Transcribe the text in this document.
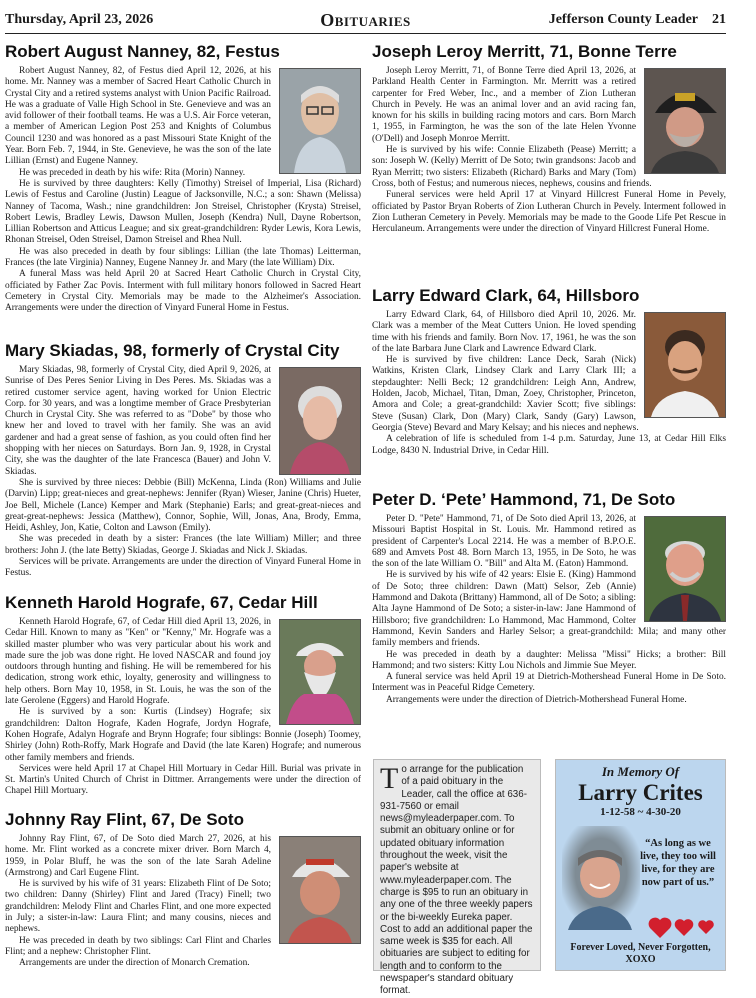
Thursday, April 23, 2026	Obituaries	Jefferson County Leader 21
Robert August Nanney, 82, Festus

Robert August Nanney, 82, of Festus died April 12, 2026, at his home. Mr. Nanney was a member of Sacred Heart Catholic Church in Crystal City and a retired systems analyst with Union Pacific Railroad. He was a graduate of Valle High School in Ste. Genevieve and was an avid follower of their football teams. He was a U.S. Air Force veteran, a member of American Legion Post 253 and Knights of Columbus Council 1230 and was honored as a past Missouri State Knight of the Year. Born Feb. 7, 1944, in Ste. Genevieve, he was the son of the late Lillian (Ernst) and Eugene Nanney.

He was preceded in death by his wife: Rita (Morin) Nanney.

He is survived by three daughters: Kelly (Timothy) Streisel of Imperial, Lisa (Richard) Lewis of Festus and Caroline (Justin) League of Jacksonville, N.C.; a son: Shawn (Melissa) Nanney of Tacoma, Wash.; nine grandchildren: Jon Streisel, Christopher (Krysta) Streisel, Robert Lewis, Bradley Lewis, Dawson Mullen, Joseph (Kendra) Null, Dayne Robertson, Lillian Robertson and Atticus League; and six great-grandchildren: Ryder Lewis, Kora Lewis, Rhonan Streisel, Oden Streisel, Damon Streisel and Rhea Null.

He was also preceded in death by four siblings: Lillian (the late Thomas) Leitterman, Frances (the late Virginia) Nanney, Eugene Nanney Jr. and Mary (the late William) Dix.

A funeral Mass was held April 20 at Sacred Heart Catholic Church in Crystal City, officiated by Father Zac Povis. Interment with full military honors followed in Sacred Heart Cemetery in Crystal City. Memorials may be made to the Alzheimer's Association. Arrangements were under the direction of Vinyard Funeral Home in Festus.

Mary Skiadas, 98, formerly of Crystal City

Mary Skiadas, 98, formerly of Crystal City, died April 9, 2026, at Sunrise of Des Peres Senior Living in Des Peres. Ms. Skiadas was a retired customer service agent, having worked for Union Electric Corp. for 30 years, and was a longtime member of Grace Presbyterian Church in Crystal City. She was referred to as "Dobe" by those who knew her and loved to travel with her family. She was an avid gardener and had a great sense of fashion, as you could often find her shopping with her nieces on Saturdays. Born Jan. 9, 1928, in Crystal City, she was the daughter of the late Francesca (Bauer) and John V. Skiadas.

She is survived by three nieces: Debbie (Bill) McKenna, Linda (Ron) Williams and Julie (Darvin) Lipp; great-nieces and great-nephews: Jennifer (Ryan) Wieser, Janine (Chris) Hueter, Joe Bell, Michele (Lance) Kemper and Mark (Stephanie) Earls; and great-great-nieces and great-great-nephews: Jessica (Matthew), Connor, Sophie, Will, Jonas, Ana, Brody, Emma, Heidi, Ashley, Jon, Katie, Colton and Lawson (Emily).

She was preceded in death by a sister: Frances (the late William) Miller; and three brothers: John J. (the late Betty) Skiadas, George J. Skiadas and Nick J. Skiadas.

Services will be private. Arrangements are under the direction of Vinyard Funeral Home in Festus.

Kenneth Harold Hografe, 67, Cedar Hill

Kenneth Harold Hografe, 67, of Cedar Hill died April 13, 2026, in Cedar Hill. Known to many as "Ken" or "Kenny," Mr. Hografe was a skilled master plumber who was very particular about his work and made sure the job was done right. He loved NASCAR and found joy outdoors through hunting and fishing. He will be remembered for his dedication, strong work ethic, loyalty, generosity and willingness to help others. Born May 10, 1958, in St. Louis, he was the son of the late Gerolene (Eggers) and Harold Hografe.

He is survived by a son: Kurtis (Lindsey) Hografe; six grandchildren: Dalton Hografe, Kaden Hografe, Jordyn Hografe, Kohen Hografe, Adalyn Hografe and Brynn Hografe; four siblings: Bonnie (Joseph) Toomey, Shirley (John) Roth-Roffy, Mark Hografe and David (the late Karen) Hografe; and numerous other family members and friends.

Services were held April 17 at Chapel Hill Mortuary in Cedar Hill. Burial was private in St. Martin's United Church of Christ in Dittmer. Arrangements were under the direction of Chapel Hill Mortuary.

Johnny Ray Flint, 67, De Soto

Johnny Ray Flint, 67, of De Soto died March 27, 2026, at his home. Mr. Flint worked as a concrete mixer driver. Born March 4, 1959, in Polar Bluff, he was the son of the late Sarah Adeline (Armstrong) and Carl Eugene Flint.

He is survived by his wife of 31 years: Elizabeth Flint of De Soto; two children: Danny (Shirley) Flint and Jared (Tracy) Finell; two grandchildren: Melody Flint and Charles Flint, and one more expected in July; a sister-in-law: Laura Flint; and many cousins, nieces and nephews.

He was preceded in death by two siblings: Carl Flint and Charles Flint; and a nephew: Christopher Flint.

Arrangements are under the direction of Monarch Cremation.

Joseph Leroy Merritt, 71, Bonne Terre

Joseph Leroy Merritt, 71, of Bonne Terre died April 13, 2026, at Parkland Health Center in Farmington. Mr. Merritt was a retired carpenter for Fred Weber, Inc., and a member of Zion Lutheran Church in Pevely. He was an animal lover and an avid racing fan, known for his skills in building racing motors and cars. Born March 1, 1955, in Farmington, he was the son of the late Helen Yvonne (O'Dell) and Joseph Monroe Merritt.

He is survived by his wife: Connie Elizabeth (Pease) Merritt; a son: Joseph W. (Kelly) Merritt of De Soto; twin grandsons: Jacob and Ryan Merritt; two sisters: Elizabeth (Richard) Barks and Mary (Tom) Cross, both of Festus; and numerous nieces, nephews, cousins and friends.

Funeral services were held April 17 at Vinyard Hillcrest Funeral Home in Pevely, officiated by Pastor Bryan Roberts of Zion Lutheran Church in Pevely. Interment followed in Zion Lutheran Cemetery in Pevely. Memorials may be made to the Goode Life Pet Rescue in Herculaneum. Arrangements were under the direction of Vinyard Hillcrest Funeral Home.

Larry Edward Clark, 64, Hillsboro

Larry Edward Clark, 64, of Hillsboro died April 10, 2026. Mr. Clark was a member of the Meat Cutters Union. He loved spending time with his friends and family. Born Nov. 17, 1961, he was the son of the late Barbara June Clark and Lawrence Edward Clark.

He is survived by five children: Lance Deck, Sarah (Nick) Watkins, Kristen Clark, Lindsey Clark and Larry Clark III; a stepdaughter: Nelli Beck; 12 grandchildren: Leigh Ann, Andrew, Holden, Jacob, Michael, Titan, Dman, Zoey, Christopher, Princeton, Amora and Cole; a great-grandchild: Xavier Scott; five siblings: Steve (Susan) Clark, Don (Mary) Clark, Sandy (Gary) Lawson, Georgia (Steve) Bevard and Mary Kelsay; and his nieces and nephews.

A celebration of life is scheduled from 1-4 p.m. Saturday, June 13, at Cedar Hill Elks Lodge, 8430 N. Industrial Drive, in Cedar Hill.

Peter D. ‘Pete’ Hammond, 71, De Soto

Peter D. "Pete" Hammond, 71, of De Soto died April 13, 2026, at Missouri Baptist Hospital in St. Louis. Mr. Hammond retired as president of Carpenter's Local 2214. He was a member of B.P.O.E. 689 and Amvets Post 48. Born March 13, 1955, in De Soto, he was the son of the late William O. "Bill" and Alta M. (Eaton) Hammond.

He is survived by his wife of 42 years: Elsie E. (King) Hammond of De Soto; three children: Dawn (Matt) Selsor, Zeb (Annie) Hammond and Dakota (Brittany) Hammond, all of De Soto; a sibling: Alta Jayne Hammond of De Soto; a sister-in-law: Jane Hammond of Hillsboro; five grandchildren: Lo Hammond, Mac Hammond, Colter Hammond, Kevin Sanders and Harley Selsor; a great-grandchild: Mila; and many other family members and friends.

He was preceded in death by a daughter: Melissa "Missi" Hicks; a brother: Bill Hammond; and two sisters: Kitty Lou Nichols and Jimmie Sue Meyer.

A funeral service was held April 19 at Dietrich-Mothershead Funeral Home in De Soto. Interment was in Peaceful Ridge Cemetery.

Arrangements were under the direction of Dietrich-Mothershead Funeral Home.

T o arrange for the publication of a paid obituary in the Leader, call the office at 636-931-7560 or email news@myleaderpaper.com. To submit an obituary online or for updated obituary information throughout the week, visit the paper's website at www.myleaderpaper.com. The charge is $95 to run an obituary in any one of the three weekly papers or the bi-weekly Eureka paper. Cost to add an additional paper the same week is $35 for each. All obituaries are subject to editing for length and to conform to the newspaper's standard obituary format.
In Memory Of
Larry Crites
1-12-58 ~ 4-30-20
“As long as we live, they too will live, for they are now part of us.”
Forever Loved, Never Forgotten, XOXO
